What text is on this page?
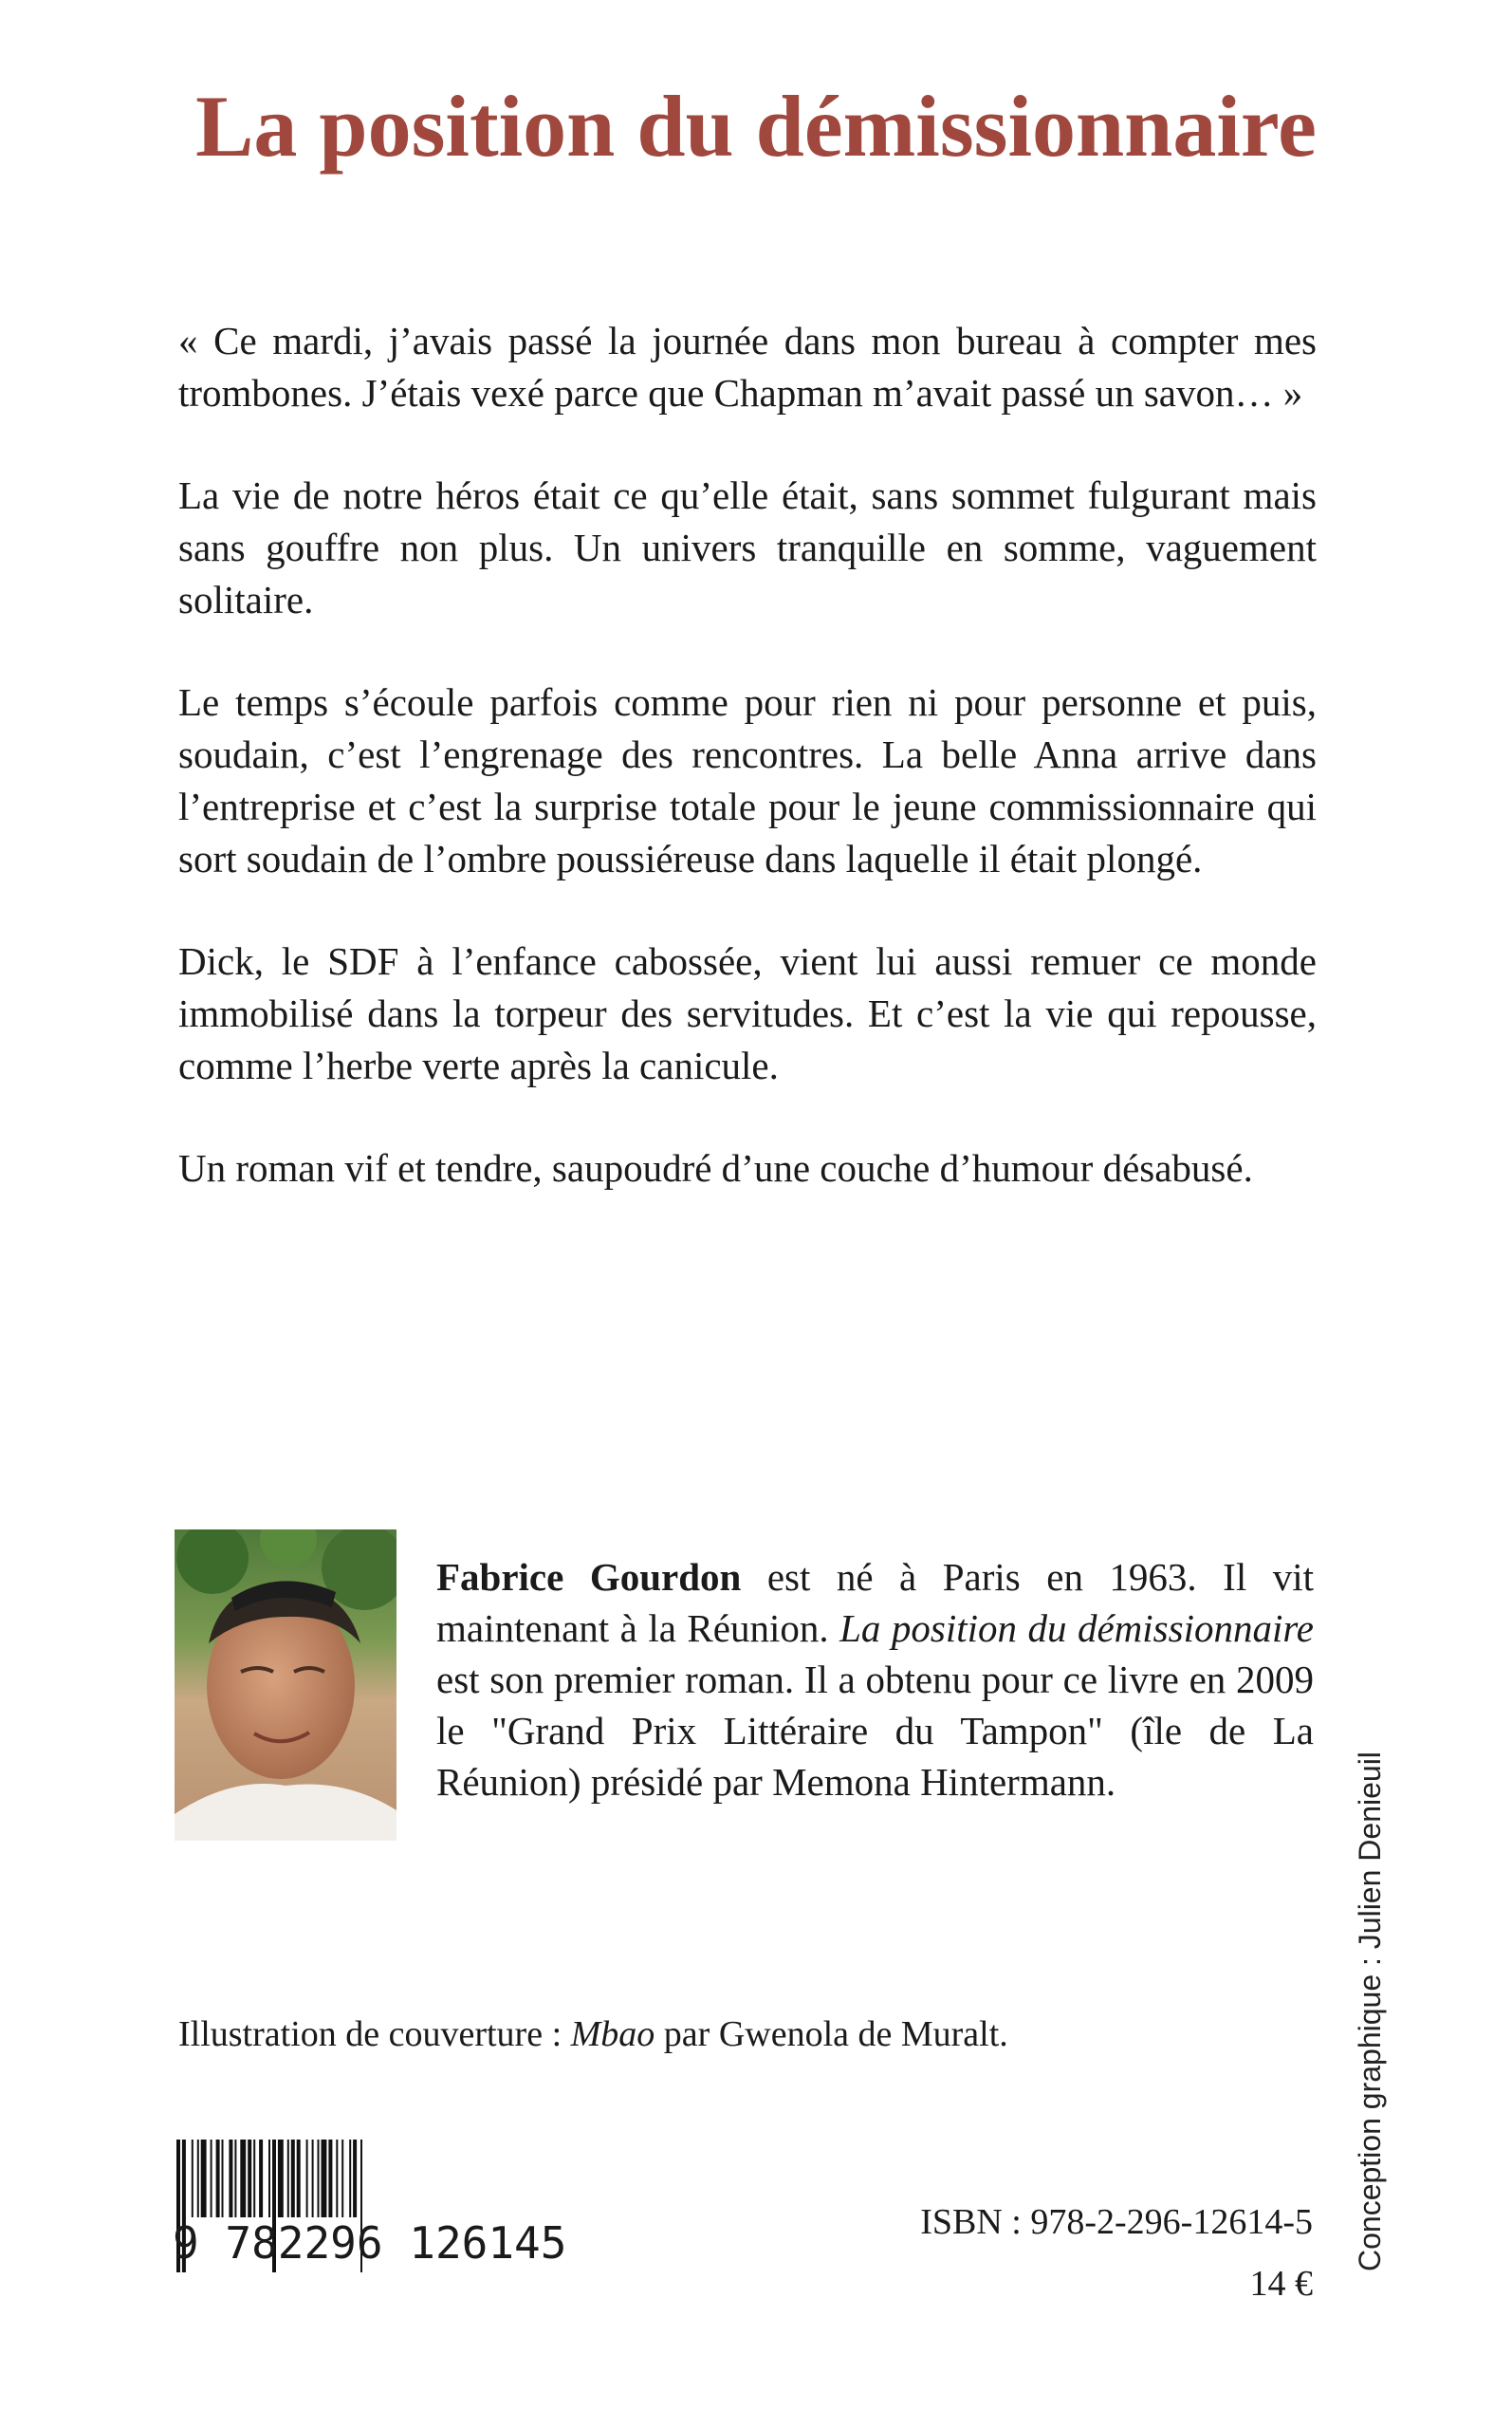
La position du démissionnaire

« Ce mardi, j’avais passé la journée dans mon bureau à compter mes trombones. J’étais vexé parce que Chapman m’avait passé un savon… »

La vie de notre héros était ce qu’elle était, sans sommet fulgurant mais sans gouffre non plus. Un univers tranquille en somme, vaguement solitaire.

Le temps s’écoule parfois comme pour rien ni pour personne et puis, soudain, c’est l’engrenage des rencontres. La belle Anna arrive dans l’entreprise et c’est la surprise totale pour le jeune commissionnaire qui sort soudain de l’ombre poussiéreuse dans laquelle il était plongé.

Dick, le SDF à l’enfance cabossée, vient lui aussi remuer ce monde immobilisé dans la torpeur des servitudes. Et c’est la vie qui repousse, comme l’herbe verte après la canicule.

Un roman vif et tendre, saupoudré d’une couche d’humour désabusé.

Fabrice Gourdon est né à Paris en 1963. Il vit maintenant à la Réunion. La position du démissionnaire est son premier roman. Il a obtenu pour ce livre en 2009 le "Grand Prix Littéraire du Tampon" (île de La Réunion) présidé par Memona Hintermann.
Illustration de couverture : Mbao par Gwenola de Muralt.
9 782296 126145	ISBN : 978-2-296-12614-5
14 €
Conception graphique : Julien Denieuil
